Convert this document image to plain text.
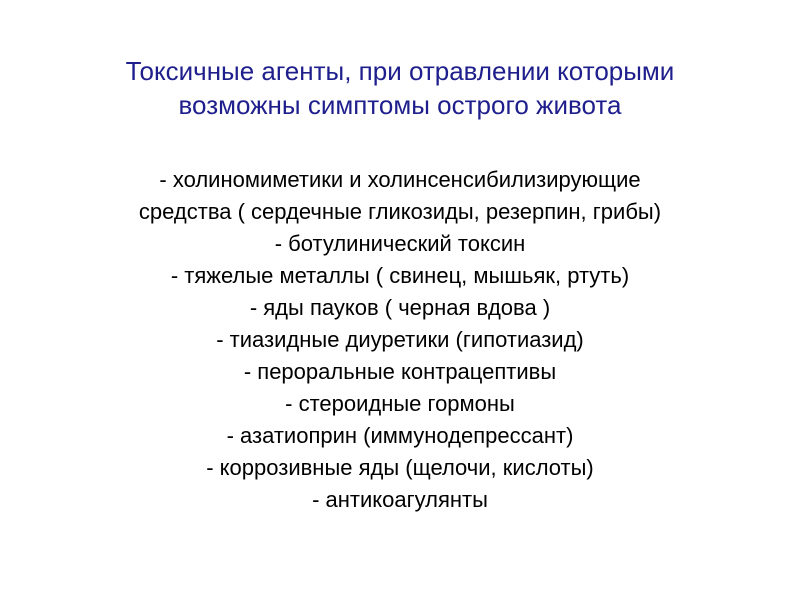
Токсичные агенты, при отравлении которыми
возможны симптомы острого живота
- холиномиметики и холинсенсибилизирующие
средства ( сердечные гликозиды, резерпин, грибы)
- ботулинический токсин
- тяжелые металлы ( свинец, мышьяк, ртуть)
- яды пауков ( черная вдова )
- тиазидные диуретики (гипотиазид)
- пероральные контрацептивы
- стероидные гормоны
- азатиоприн (иммунодепрессант)
- коррозивные яды (щелочи, кислоты)
- антикоагулянты
